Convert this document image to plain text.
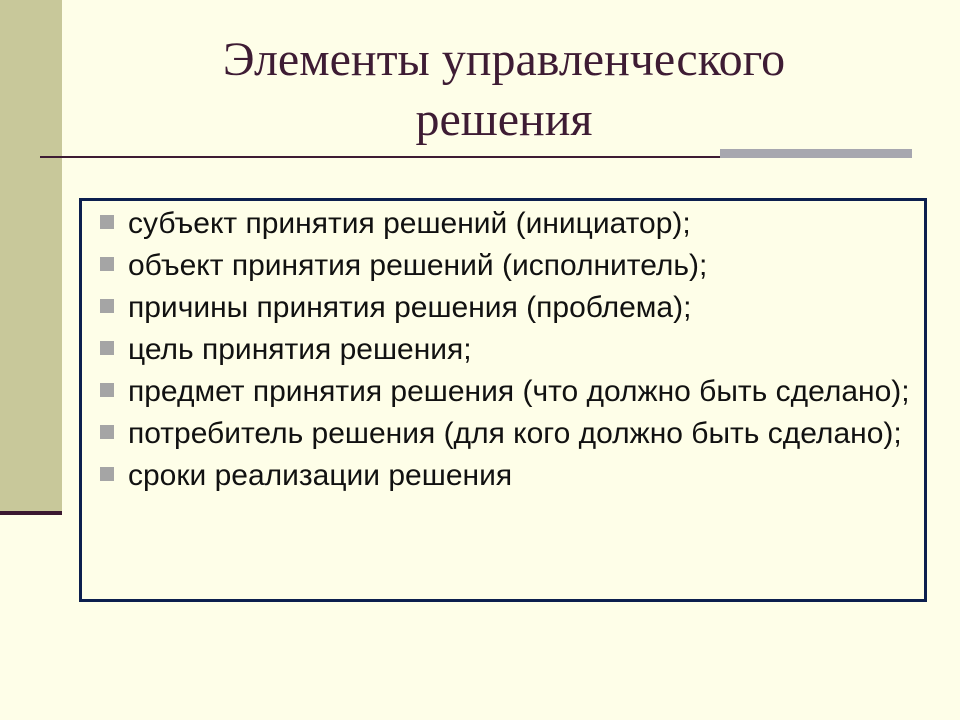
Элементы управленческого
решения
субъект принятия решений (инициатор);
объект принятия решений (исполнитель);
причины принятия решения (проблема);
цель принятия решения;
предмет принятия решения (что должно быть сделано);
потребитель решения (для кого должно быть сделано);
сроки реализации решения
